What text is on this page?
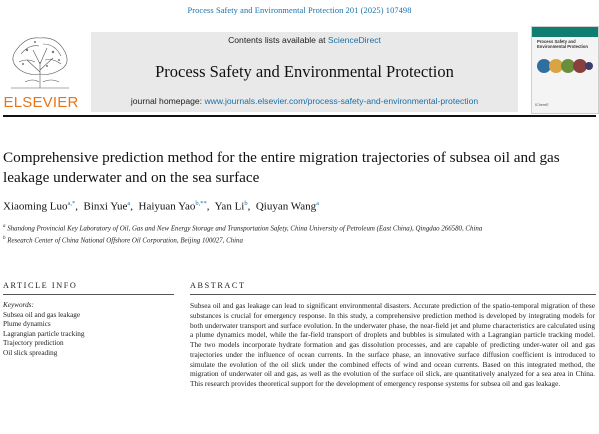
Process Safety and Environmental Protection 201 (2025) 107498
ELSEVIER
Contents lists available at ScienceDirect
Process Safety and Environmental Protection
journal homepage: www.journals.elsevier.com/process-safety-and-environmental-protection
Process Safety and Environmental Protection
IChemE
Comprehensive prediction method for the entire migration trajectories of subsea oil and gas leakage underwater and on the sea surface
Xiaoming Luo$^{a,*}$,  Binxi Yue$^a$,  Haiyuan Yao$^{b,**}$,  Yan Li$^b$,  Qiuyan Wang$^a$
$^a$ Shandong Provincial Key Laboratory of Oil, Gas and New Energy Storage and Transportation Safety, China University of Petroleum (East China), Qingdao 266580, China
$^b$ Research Center of China National Offshore Oil Corporation, Beijing 100027, China
ARTICLE INFO	ABSTRACT
Keywords:
Subsea oil and gas leakage
Plume dynamics
Lagrangian particle tracking
Trajectory prediction
Oil slick spreading
Subsea oil and gas leakage can lead to significant environmental disasters. Accurate prediction of the spatio-temporal migration of these substances is crucial for emergency response. In this study, a comprehensive prediction method is developed by integrating models for both underwater transport and surface evolution. In the underwater phase, the near-field jet and plume characteristics are calculated using a plume dynamics model, while the far-field transport of droplets and bubbles is simulated with a Lagrangian particle tracking model. The two models incorporate hydrate formation and gas dissolution processes, and are capable of predicting under-water oil and gas trajectories under the influence of ocean currents. In the surface phase, an innovative surface diffusion coefficient is introduced to simulate the evolution of the oil slick under the combined effects of wind and ocean currents. Based on this integrated method, the migration of underwater oil and gas, as well as the evolution of the surface oil slick, are quantitatively analyzed for a sea area in China. This research provides theoretical support for the development of emergency response systems for subsea oil and gas leakage.
